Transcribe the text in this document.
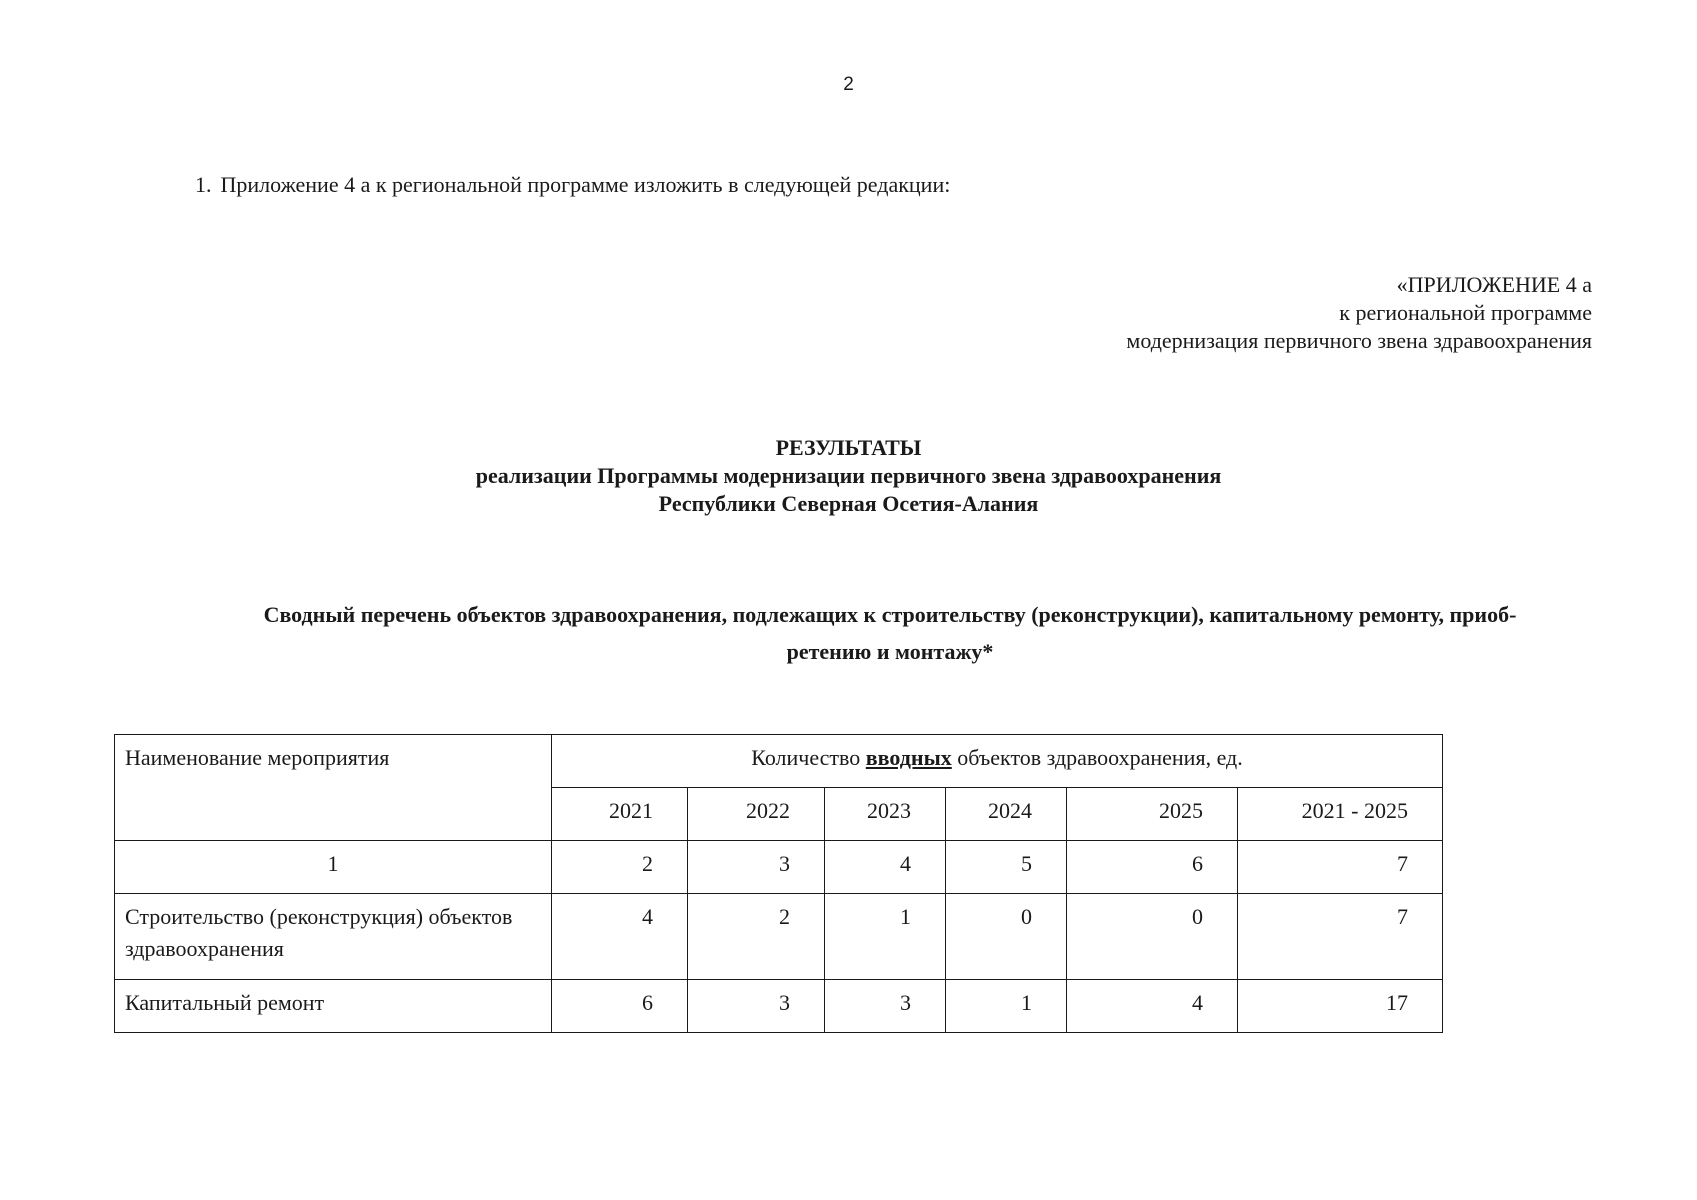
2
1. Приложение 4 а к региональной программе изложить в следующей редакции:
«ПРИЛОЖЕНИЕ 4 а
к региональной программе
модернизация первичного звена здравоохранения
РЕЗУЛЬТАТЫ
реализации Программы модернизации первичного звена здравоохранения
Республики Северная Осетия-Алания
Сводный перечень объектов здравоохранения, подлежащих к строительству (реконструкции), капитальному ремонту, приоб-
ретению и монтажу*
Наименование мероприятия	Количество вводных объектов здравоохранения, ед.					
	2021	2022	2023	2024	2025	2021 - 2025
1	2	3	4	5	6	7
Строительство (реконструкция) объектов здравоохранения	4	2	1	0	0	7
Капитальный ремонт	6	3	3	1	4	17
